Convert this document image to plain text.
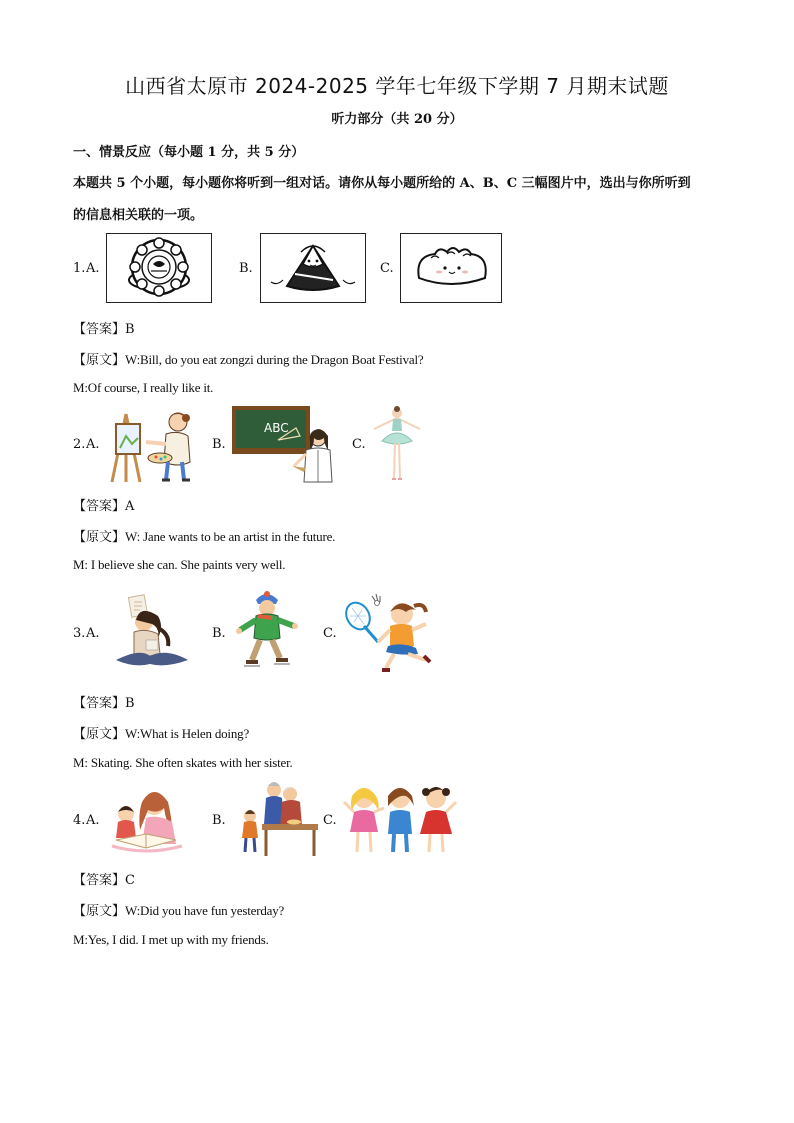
山西省太原市 2024-2025 学年七年级下学期 7 月期末试题
听力部分（共 20 分）
一、情景反应（每小题 1 分，共 5 分）
本题共 5 个小题，每小题你将听到一组对话。请你从每小题所给的 A、B、C 三幅图片中，选出与你所听到
的信息相关联的一项。
1. A.	B.	C.
【答案】B
【原文】W:Bill, do you eat zongzi during the Dragon Boat Festival?
M:Of course, I really like it.
2. A.	B.
ABC
C.
【答案】A
【原文】W: Jane wants to be an artist in the future.
M: I believe she can. She paints very well.
3. A.	B.	C.
【答案】B
【原文】W:What is Helen doing?
M: Skating. She often skates with her sister.
4. A.	B.	C.
【答案】C
【原文】W:Did you have fun yesterday?
M:Yes, I did. I met up with my friends.
